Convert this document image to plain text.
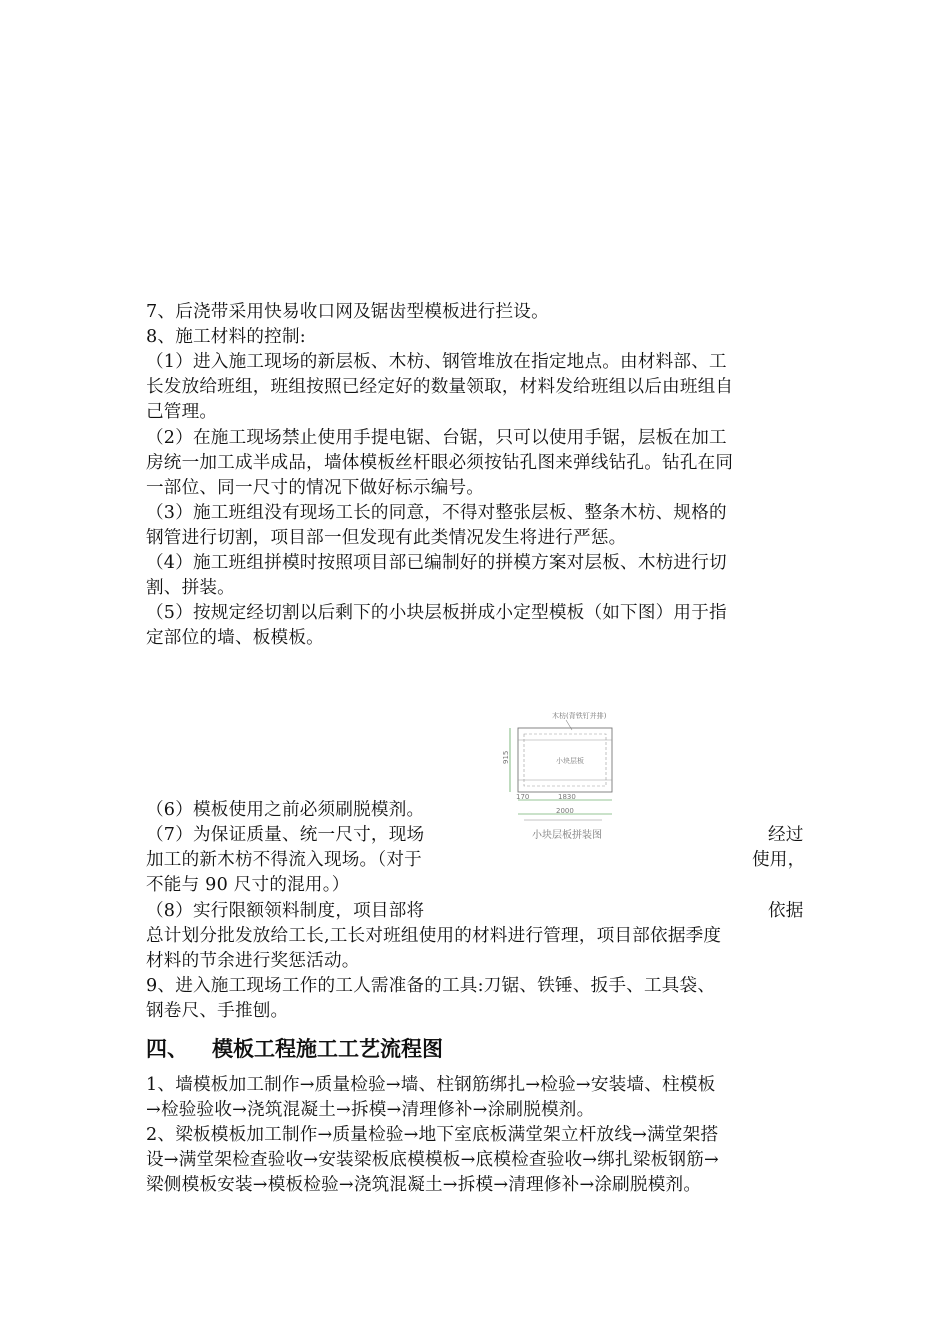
7、后浇带采用快易收口网及锯齿型模板进行拦设。
8、施工材料的控制:
（1）进入施工现场的新层板、木枋、钢管堆放在指定地点。由材料部、工
长发放给班组，班组按照已经定好的数量领取，材料发给班组以后由班组自
己管理。
（2）在施工现场禁止使用手提电锯、台锯，只可以使用手锯，层板在加工
房统一加工成半成品，墙体模板丝杆眼必须按钻孔图来弹线钻孔。钻孔在同
一部位、同一尺寸的情况下做好标示编号。
（3）施工班组没有现场工长的同意，不得对整张层板、整条木枋、规格的
钢管进行切割，项目部一但发现有此类情况发生将进行严惩。
（4）施工班组拼模时按照项目部已编制好的拼模方案对层板、木枋进行切
割、拼装。
（5）按规定经切割以后剩下的小块层板拼成小定型模板（如下图）用于指
定部位的墙、板模板。
（6）模板使用之前必须刷脱模剂。
（7）为保证质量、统一尺寸，现场	经过
加工的新木枋不得流入现场。（对于	使用，
不能与 90 尺寸的混用。）
（8）实行限额领料制度，项目部将	依据
木枋(背铁钉并排)
小块层板
915
170	1830
2000
小块层板拼装图
总计划分批发放给工长,工长对班组使用的材料进行管理，项目部依据季度
材料的节余进行奖惩活动。
9、进入施工现场工作的工人需准备的工具:刀锯、铁锤、扳手、工具袋、
钢卷尺、手推刨。
四、 模板工程施工工艺流程图
1、墙模板加工制作→质量检验→墙、柱钢筋绑扎→检验→安装墙、柱模板
→检验验收→浇筑混凝土→拆模→清理修补→涂刷脱模剂。
2、梁板模板加工制作→质量检验→地下室底板满堂架立杆放线→满堂架搭
设→满堂架检查验收→安装梁板底模模板→底模检查验收→绑扎梁板钢筋→
梁侧模板安装→模板检验→浇筑混凝土→拆模→清理修补→涂刷脱模剂。
